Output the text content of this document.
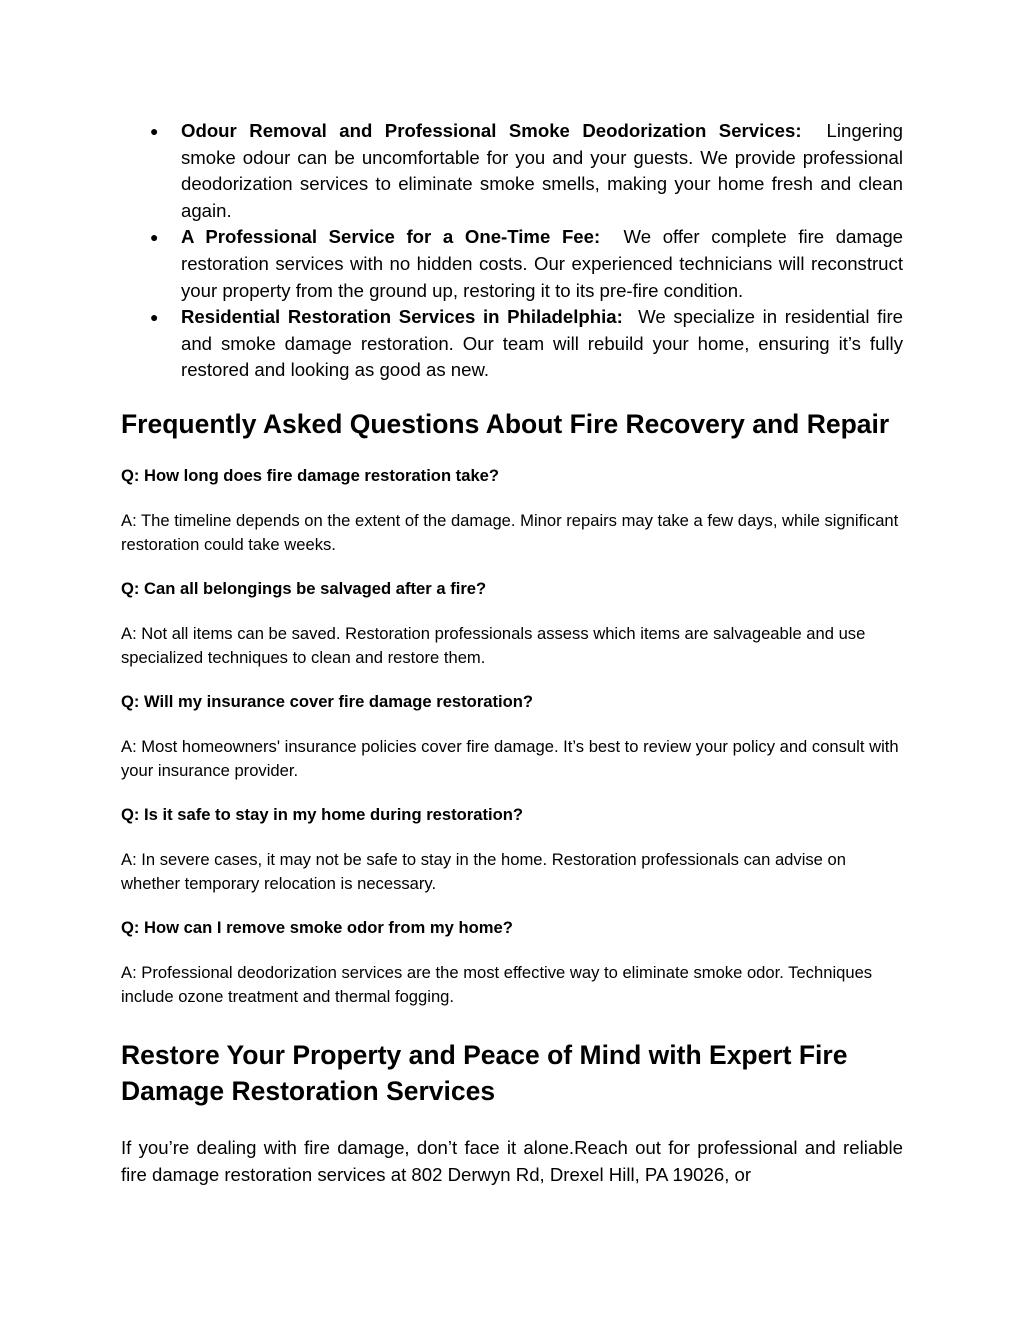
● Odour Removal and Professional Smoke Deodorization Services: Lingering smoke odour can be uncomfortable for you and your guests. We provide professional deodorization services to eliminate smoke smells, making your home fresh and clean again.
● A Professional Service for a One-Time Fee: We offer complete fire damage restoration services with no hidden costs. Our experienced technicians will reconstruct your property from the ground up, restoring it to its pre-fire condition.
● Residential Restoration Services in Philadelphia: We specialize in residential fire and smoke damage restoration. Our team will rebuild your home, ensuring it’s fully restored and looking as good as new.
Frequently Asked Questions About Fire Recovery and Repair

Q: How long does fire damage restoration take?

A: The timeline depends on the extent of the damage. Minor repairs may take a few days, while significant restoration could take weeks.

Q: Can all belongings be salvaged after a fire?

A: Not all items can be saved. Restoration professionals assess which items are salvageable and use specialized techniques to clean and restore them.

Q: Will my insurance cover fire damage restoration?

A: Most homeowners' insurance policies cover fire damage. It’s best to review your policy and consult with your insurance provider.

Q: Is it safe to stay in my home during restoration?

A: In severe cases, it may not be safe to stay in the home. Restoration professionals can advise on whether temporary relocation is necessary.

Q: How can I remove smoke odor from my home?

A: Professional deodorization services are the most effective way to eliminate smoke odor. Techniques include ozone treatment and thermal fogging.

Restore Your Property and Peace of Mind with Expert Fire Damage Restoration Services

If you’re dealing with fire damage, don’t face it alone.Reach out for professional and reliable fire damage restoration services at 802 Derwyn Rd, Drexel Hill, PA 19026, or
